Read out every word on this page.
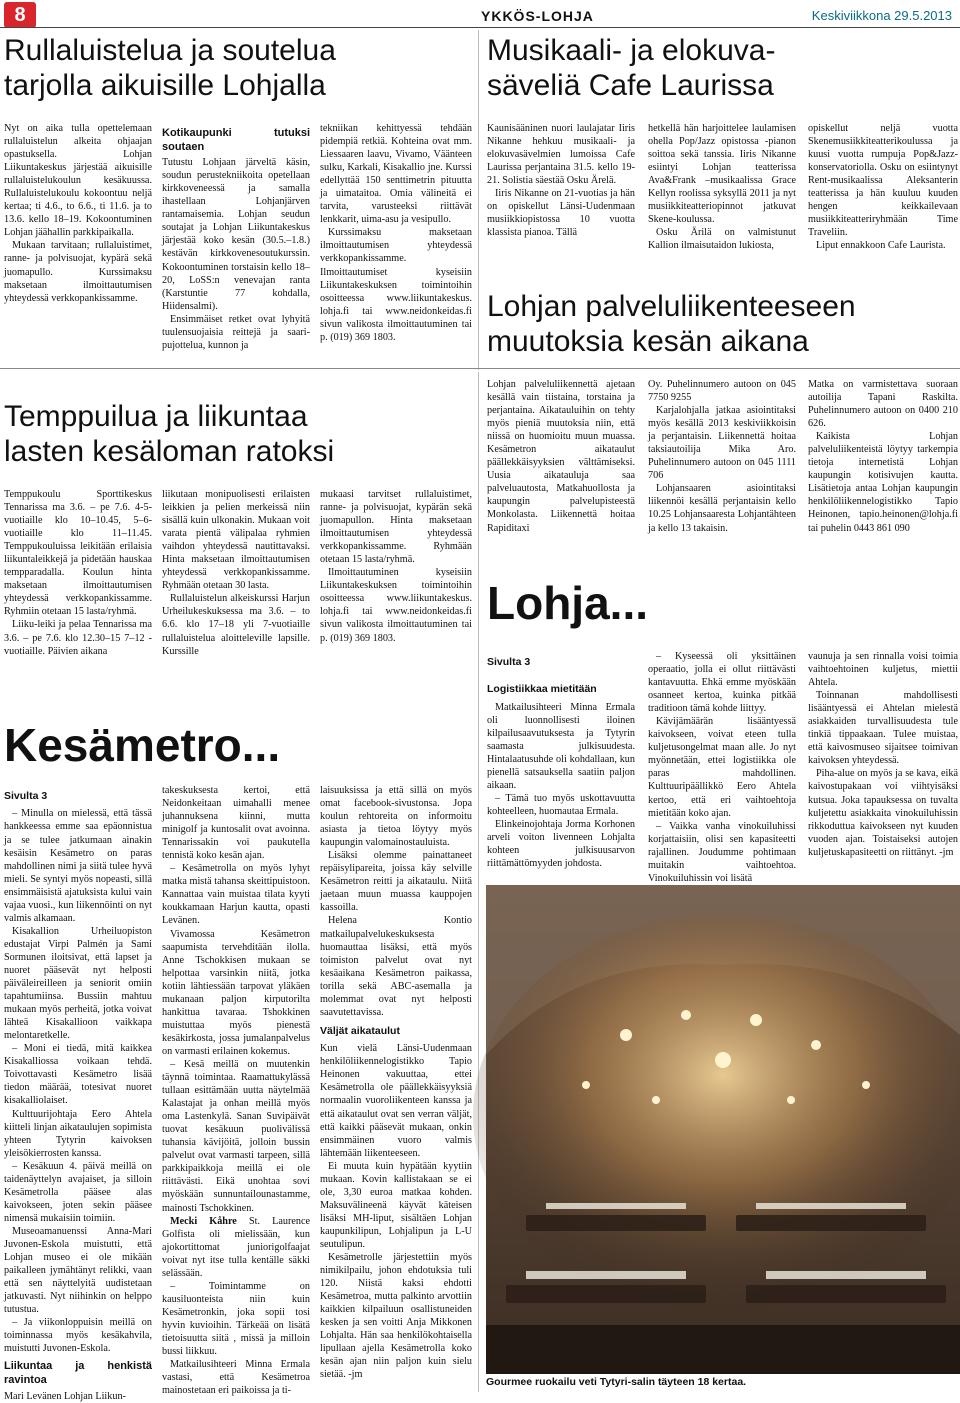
8	YKKÖS-LOHJA	Keskiviikkona 29.5.2013
Rullaluistelua ja soutelua
tarjolla aikuisille Lohjalla
Musikaali- ja elokuva-
säveliä Cafe Laurissa

Nyt on aika tulla opettelemaan rullaluistelun alkeita ohjaajan opastuksella. Lohjan Liikuntakeskus järjestää aikuisille rullaluistelukoulun kesäkuussa. Rullaluistelukoulu kokoontuu neljä kertaa; ti 4.6., to 6.6., ti 11.6. ja to 13.6. kello 18–19. Kokoontuminen Lohjan jäähallin parkkipaikalla.

Mukaan tarvitaan; rullaluistimet, ranne- ja polvisuojat, kypärä sekä juomapullo. Kurssimaksu maksetaan ilmoittautumisen yhteydessä verkkopankissamme.

Kotikaupunki tutuksi soutaen

Tutustu Lohjaan järveltä käsin, soudun perustekniikoita opetellaan kirkkoveneessä ja samalla ihastellaan Lohjanjärven rantamaisemia. Lohjan seudun soutajat ja Lohjan Liikuntakeskus järjestää koko kesän (30.5.–1.8.) kestävän kirkkovenesoutukurssin. Kokoontuminen torstaisin kello 18–20, LoSS:n venevajan ranta (Karstuntie 77 kohdalla, Hiidensalmi).

Ensimmäiset retket ovat lyhyitä tuulensuojaisia reittejä ja saari-pujottelua, kunnon ja

tekniikan kehittyessä tehdään pidempiä retkiä. Kohteina ovat mm. Liessaaren laavu, Vivamo, Väänteen sulku, Karkali, Kisakallio jne. Kurssi edellyttää 150 senttimetrin pituutta ja uimataitoa. Omia välineitä ei tarvita, varusteeksi riittävät lenkkarit, uima-asu ja vesipullo.

Kurssimaksu maksetaan ilmoittautumisen yhteydessä verkkopankissamme. Ilmoittautumiset kyseisiin Liikuntakeskuksen toimintoihin osoitteessa www.liikuntakeskus. lohja.fi tai www.neidonkeidas.fi sivun valikosta ilmoittautuminen tai p. (019) 369 1803.

Kaunisääninen nuori laulajatar Iiris Nikanne hehkuu musikaali- ja elokuvasävelmien lumoissa Cafe Laurissa perjantaina 31.5. kello 19-21. Solistia säestää Osku Ärelä.

Iiris Nikanne on 21-vuotias ja hän on opiskellut Länsi-Uudenmaan musiikkiopistossa 10 vuotta klassista pianoa. Tällä

hetkellä hän harjoittelee laulamisen ohella Pop/Jazz opistossa -pianon soittoa sekä tanssia. Iiris Nikanne esiintyi Lohjan teatterissa Ava&Frank –musikaalissa Grace Kellyn roolissa syksyllä 2011 ja nyt musiikkiteatteriopinnot jatkuvat Skene-koulussa.

Osku Ärilä on valmistunut Kallion ilmaisutaidon lukiosta,

opiskellut neljä vuotta Skenemusiikkiteatterikoulussa ja kuusi vuotta rumpuja Pop&Jazz-konservatoriolla. Osku on esiintynyt Rent-musikaalissa Aleksanterin teatterissa ja hän kuuluu kuuden hengen keikkailevaan musiikkiteatteriryhmään Time Traveliin.

Liput ennakkoon Cafe Laurista.

Lohjan palveluliikenteeseen
muutoksia kesän aikana

Lohjan palveluliikennettä ajetaan kesällä vain tiistaina, torstaina ja perjantaina. Aikatauluihin on tehty myös pieniä muutoksia niin, että niissä on huomioitu muun muassa. Kesämetron aikataulut päällekkäisyyksien välttämiseksi. Uusia aikatauluja saa palveluautosta, Matkahuollosta ja kaupungin palvelupisteestä Monkolasta. Liikennettä hoitaa Rapiditaxi

Oy. Puhelinnumero autoon on 045 7750 9255

Karjalohjalla jatkaa asiointitaksi myös kesällä 2013 keskiviikkoisin ja perjantaisin. Liikennettä hoitaa taksiautoilija Mika Aro. Puhelinnumero autoon on 045 1111 706

Lohjansaaren asiointitaksi liikennöi kesällä perjantaisin kello 10.25 Lohjansaaresta Lohjantähteen ja kello 13 takaisin.

Matka on varmistettava suoraan autoilija Tapani Raskilta. Puhelinnumero autoon on 0400 210 626.

Kaikista Lohjan palveluliikenteistä löytyy tarkempia tietoja internetistä Lohjan kaupungin kotisivujen kautta. Lisätietoja antaa Lohjan kaupungin henkilöliikennelogistikko Tapio Heinonen, tapio.heinonen@lohja.fi tai puhelin 0443 861 090

Temppuilua ja liikuntaa
lasten kesäloman ratoksi

Temppukoulu Sporttikeskus Tennarissa ma 3.6. – pe 7.6. 4-5-vuotiaille klo 10–10.45, 5–6-vuotiaille klo 11–11.45. Temppukouluissa leikitään erilaisia liikuntaleikkejä ja pidetään hauskaa tempparadalla. Koulun hinta maksetaan ilmoittautumisen yhteydessä verkkopankissamme. Ryhmiin otetaan 15 lasta/ryhmä.

Liiku-leiki ja pelaa Tennarissa ma 3.6. – pe 7.6. klo 12.30–15 7–12 -vuotiaille. Päivien aikana

liikutaan monipuolisesti erilaisten leikkien ja pelien merkeissä niin sisällä kuin ulkonakin. Mukaan voit varata pientä välipalaa ryhmien vaihdon yhteydessä nautittavaksi. Hinta maksetaan ilmoittautumisen yhteydessä verkkopankissamme. Ryhmään otetaan 30 lasta.

Rullaluistelun alkeiskurssi Harjun Urheilukeskuksessa ma 3.6. – to 6.6. klo 17–18 yli 7-vuotiaille rullaluistelua aloitteleville lapsille. Kurssille

mukaasi tarvitset rullaluistimet, ranne- ja polvisuojat, kypärän sekä juomapullon. Hinta maksetaan ilmoittautumisen yhteydessä verkkopankissamme. Ryhmään otetaan 15 lasta/ryhmä.

Ilmoittautuminen kyseisiin Liikuntakeskuksen toimintoihin osoitteessa www.liikuntakeskus. lohja.fi tai www.neidonkeidas.fi sivun valikosta ilmoittautuminen tai p. (019) 369 1803.

Kesämetro...
Sivulta 3

– Minulla on mielessä, että tässä hankkeessa emme saa epäonnistua ja se tulee jatkumaan ainakin kesäisin Kesämetro on paras mahdollinen nimi ja siitä tulee hyvä mieli. Se syntyi myös nopeasti, sillä ensimmäisistä ajatuksista kului vain vajaa vuosi., kun liikennöinti on nyt valmis alkamaan.

Kisakallion Urheiluopiston edustajat Virpi Palmén ja Sami Sormunen iloitsivat, että lapset ja nuoret pääsevät nyt helposti päiväleireilleen ja seniorit omiin tapahtumiinsa. Bussiin mahtuu mukaan myös perheitä, jotka voivat lähteä Kisakallioon vaikkapa melontaretkelle.

– Moni ei tiedä, mitä kaikkea Kisakalliossa voikaan tehdä. Toivottavasti Kesämetro lisää tiedon määrää, totesivat nuoret kisakalliolaiset.

Kulttuurijohtaja Eero Ahtela kiitteli linjan aikataulujen sopimista yhteen Tytyrin kaivoksen yleisökierrosten kanssa.

– Kesäkuun 4. päivä meillä on taidenäyttelyn avajaiset, ja silloin Kesämetrolla pääsee alas kaivokseen, joten sekin pääsee nimensä mukaisiin toimiin.

Museoamanuenssi Anna-Mari Juvonen-Eskola muistutti, että Lohjan museo ei ole mikään paikalleen jymähtänyt relikki, vaan että sen näyttelyitä uudistetaan jatkuvasti. Nyt niihinkin on helppo tutustua.

– Ja viikonloppuisin meillä on toiminnassa myös kesäkahvila, muistutti Juvonen-Eskola.

Liikuntaa ja henkistä ravintoa

Mari Levänen Lohjan Liikun-

takeskuksesta kertoi, että Neidonkeitaan uimahalli menee juhannuksena kiinni, mutta minigolf ja kuntosalit ovat avoinna. Tennarissakin voi paukutella tennistä koko kesän ajan.

– Kesämetrolla on myös lyhyt matka mistä tahansa skeittipuistoon. Kannattaa vain muistaa tilata kyyti koukkamaan Harjun kautta, opasti Levänen.

Vivamossa Kesämetron saapumista tervehditään ilolla. Anne Tschokkisen mukaan se helpottaa varsinkin niitä, jotka kotiin lähtiessään tarpovat yläkäen mukanaan paljon kirputorilta hankittua tavaraa. Tshokkinen muistuttaa myös pienestä kesäkirkosta, jossa jumalanpalvelus on varmasti erilainen kokemus.

– Kesä meillä on muutenkin täynnä toimintaa. Raamattukylässä tullaan esittämään uutta näytelmää Kalastajat ja onhan meillä myös oma Lastenkylä. Sanan Suvipäivät tuovat kesäkuun puolivälissä tuhansia kävijöitä, jolloin bussin palvelut ovat varmasti tarpeen, sillä parkkipaikkoja meillä ei ole riittävästi. Eikä unohtaa sovi myöskään sunnuntailounastamme, mainosti Tschokkinen.

Mecki Kåhre St. Laurence Golfista oli mielissään, kun ajokortittomat juniorigolfaajat voivat nyt itse tulla kentälle säkki selässään.

– Toimintamme on kausiluonteista niin kuin Kesämetronkin, joka sopii tosi hyvin kuvioihin. Tärkeää on lisätä tietoisuutta siitä , missä ja milloin bussi liikkuu.

Matkailusihteeri Minna Ermala vastasi, että Kesämetroa mainostetaan eri paikoissa ja ti-

laisuuksissa ja että sillä on myös omat facebook-sivustonsa. Jopa koulun rehtoreita on informoitu asiasta ja tietoa löytyy myös kaupungin valomainostauluista.

Lisäksi olemme painattaneet repäisylipareita, joissa käy selville Kesämetron reitti ja aikataulu. Niitä jaetaan muun muassa kauppojen kassoilla.

Helena Kontio matkailupalvelukeskuksesta huomauttaa lisäksi, että myös toimiston palvelut ovat nyt kesäaikana Kesämetron paikassa, torilla sekä ABC-asemalla ja molemmat ovat nyt helposti saavutettavissa.

Väljät aikataulut

Kun vielä Länsi-Uudenmaan henkilöliikennelogistikko Tapio Heinonen vakuuttaa, ettei Kesämetrolla ole päällekkäisyyksiä normaalin vuoroliikenteen kanssa ja että aikataulut ovat sen verran väljät, että kaikki pääsevät mukaan, onkin ensimmäinen vuoro valmis lähtemään liikenteeseen.

Ei muuta kuin hypätään kyytiin mukaan. Kovin kallistakaan se ei ole, 3,30 euroa matkaa kohden. Maksuvälineenä käyvät käteisen lisäksi MH-liput, sisältäen Lohjan kaupunkilipun, Lohjalipun ja L-U seutulipun.

Kesämetrolle järjestettiin myös nimikilpailu, johon ehdotuksia tuli 120. Niistä kaksi ehdotti Kesämetroa, mutta palkinto arvottiin kaikkien kilpailuun osallistuneiden kesken ja sen voitti Anja Mikkonen Lohjalta. Hän saa henkilökohtaisella lipullaan ajella Kesämetrolla koko kesän ajan niin paljon kuin sielu sietää. -jm

Lohja...
Sivulta 3
Logistiikkaa mietitään

Matkailusihteeri Minna Ermala oli luonnollisesti iloinen kilpailusaavutuksesta ja Tytyrin saamasta julkisuudesta. Hintalaatusuhde oli kohdallaan, kun pienellä satsauksella saatiin paljon aikaan.

– Tämä tuo myös uskottavuutta kohteelleen, huomautaa Ermala.

Elinkeinojohtaja Jorma Korhonen arveli voiton livenneen Lohjalta kohteen julkisuusarvon riittämättömyyden johdosta.

– Kyseessä oli yksittäinen operaatio, jolla ei ollut riittävästi kantavuutta. Ehkä emme myöskään osanneet kertoa, kuinka pitkää traditioon tämä kohde liittyy.

Kävijämäärän lisääntyessä kaivokseen, voivat eteen tulla kuljetusongelmat maan alle. Jo nyt myönnetään, ettei logistiikka ole paras mahdollinen. Kulttuuripäällikkö Eero Ahtela kertoo, että eri vaihtoehtoja mietitään koko ajan.

– Vaikka vanha vinokuiluhissi korjattaisiin, olisi sen kapasiteetti rajallinen. Joudumme pohtimaan muitakin vaihtoehtoa. Vinokuiluhissin voi lisätä

vaunuja ja sen rinnalla voisi toimia vaihtoehtoinen kuljetus, miettii Ahtela.

Toinnanan mahdollisesti lisääntyessä ei Ahtelan mielestä asiakkaiden turvallisuudesta tule tinkiä tippaakaan. Tulee muistaa, että kaivosmuseo sijaitsee toimivan kaivoksen yhteydessä.

Piha-alue on myös ja se kava, eikä kaivostupakaan voi viihtyisäksi kutsua. Joka tapauksessa on tuvalta kuljetettu asiakkaita vinokuiluhissin rikkoduttua kaivokseen nyt kuuden vuoden ajan. Toistaiseksi autojen kuljetuskapasiteetti on riittänyt. -jm

Gourmee ruokailu veti Tytyri-salin täyteen 18 kertaa.
